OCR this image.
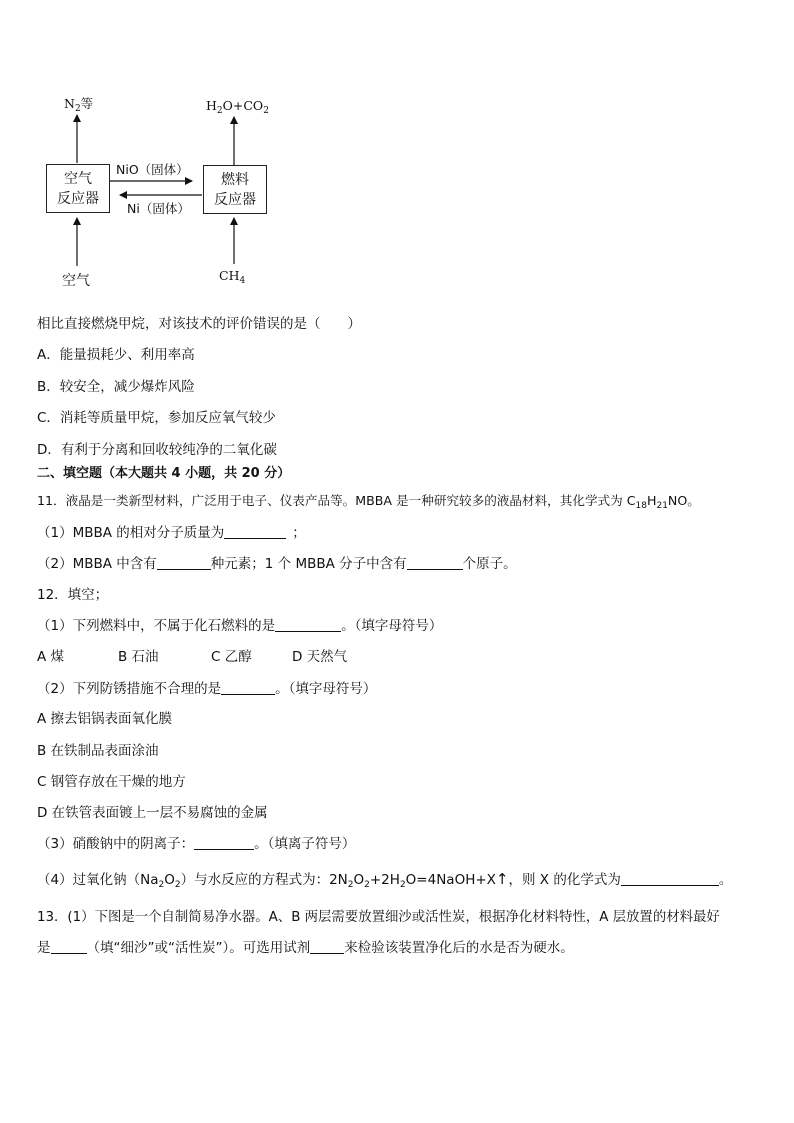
空气
反应器
燃料
反应器
$N_2$等	$H_2O+CO_2$
空气	$CH_4$
NiO（固体）
Ni（固体）
相比直接燃烧甲烷，对该技术的评价错误的是（　　）
A．能量损耗少、利用率高
B．较安全，减少爆炸风险
C．消耗等质量甲烷，参加反应氧气较少
D．有利于分离和回收较纯净的二氧化碳
二、填空题（本大题共 4 小题，共 20 分）
11．液晶是一类新型材料，广泛用于电子、仪表产品等。MBBA 是一种研究较多的液晶材料，其化学式为 $C_{18}H_{21}NO$。
（1）MBBA 的相对分子质量为	；
（2）MBBA 中含有	种元素；1 个 MBBA 分子中含有	个原子。
12．填空；
（1）下列燃料中，不属于化石燃料的是	。（填字母符号）
A 煤	B 石油	C 乙醇	D 天然气
（2）下列防锈措施不合理的是	。（填字母符号）
A 擦去铝锅表面氧化膜
B 在铁制品表面涂油
C 钢管存放在干燥的地方
D 在铁管表面镀上一层不易腐蚀的金属
（3）硝酸钠中的阴离子：	。（填离子符号）
（4）过氧化钠$(Na_2O_2)$与水反应的方程式为：$2N_2O_2+2H_2O=4NaOH+X↑$，则 X 的化学式为	。
13．(1）下图是一个自制简易净水器。A、B 两层需要放置细沙或活性炭，根据净化材料特性，A 层放置的材料最好
是	（填“细沙”或“活性炭”）。可选用试剂	来检验该装置净化后的水是否为硬水。
